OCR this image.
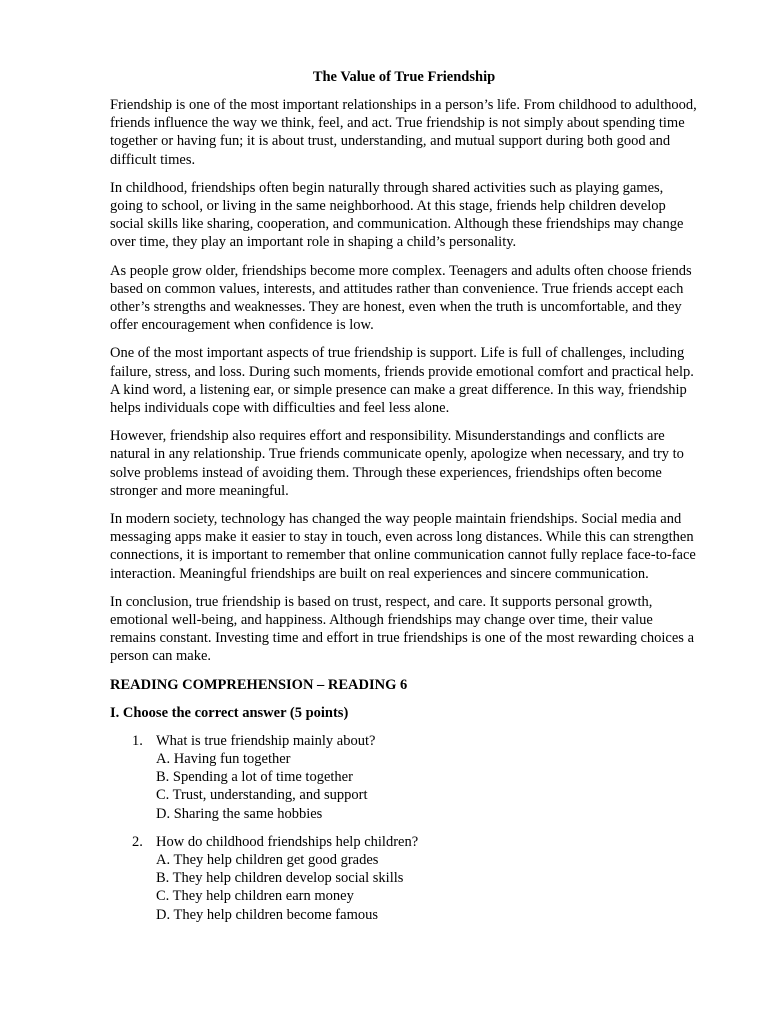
The Value of True Friendship

Friendship is one of the most important relationships in a person’s life. From childhood to adulthood, friends influence the way we think, feel, and act. True friendship is not simply about spending time together or having fun; it is about trust, understanding, and mutual support during both good and difficult times.

In childhood, friendships often begin naturally through shared activities such as playing games, going to school, or living in the same neighborhood. At this stage, friends help children develop social skills like sharing, cooperation, and communication. Although these friendships may change over time, they play an important role in shaping a child’s personality.

As people grow older, friendships become more complex. Teenagers and adults often choose friends based on common values, interests, and attitudes rather than convenience. True friends accept each other’s strengths and weaknesses. They are honest, even when the truth is uncomfortable, and they offer encouragement when confidence is low.

One of the most important aspects of true friendship is support. Life is full of challenges, including failure, stress, and loss. During such moments, friends provide emotional comfort and practical help. A kind word, a listening ear, or simple presence can make a great difference. In this way, friendship helps individuals cope with difficulties and feel less alone.

However, friendship also requires effort and responsibility. Misunderstandings and conflicts are natural in any relationship. True friends communicate openly, apologize when necessary, and try to solve problems instead of avoiding them. Through these experiences, friendships often become stronger and more meaningful.

In modern society, technology has changed the way people maintain friendships. Social media and messaging apps make it easier to stay in touch, even across long distances. While this can strengthen connections, it is important to remember that online communication cannot fully replace face-to-face interaction. Meaningful friendships are built on real experiences and sincere communication.

In conclusion, true friendship is based on trust, respect, and care. It supports personal growth, emotional well-being, and happiness. Although friendships may change over time, their value remains constant. Investing time and effort in true friendships is one of the most rewarding choices a person can make.

READING COMPREHENSION – READING 6
I. Choose the correct answer (5 points)
1. What is true friendship mainly about?
A. Having fun together
B. Spending a lot of time together
C. Trust, understanding, and support
D. Sharing the same hobbies
2. How do childhood friendships help children?
A. They help children get good grades
B. They help children develop social skills
C. They help children earn money
D. They help children become famous
